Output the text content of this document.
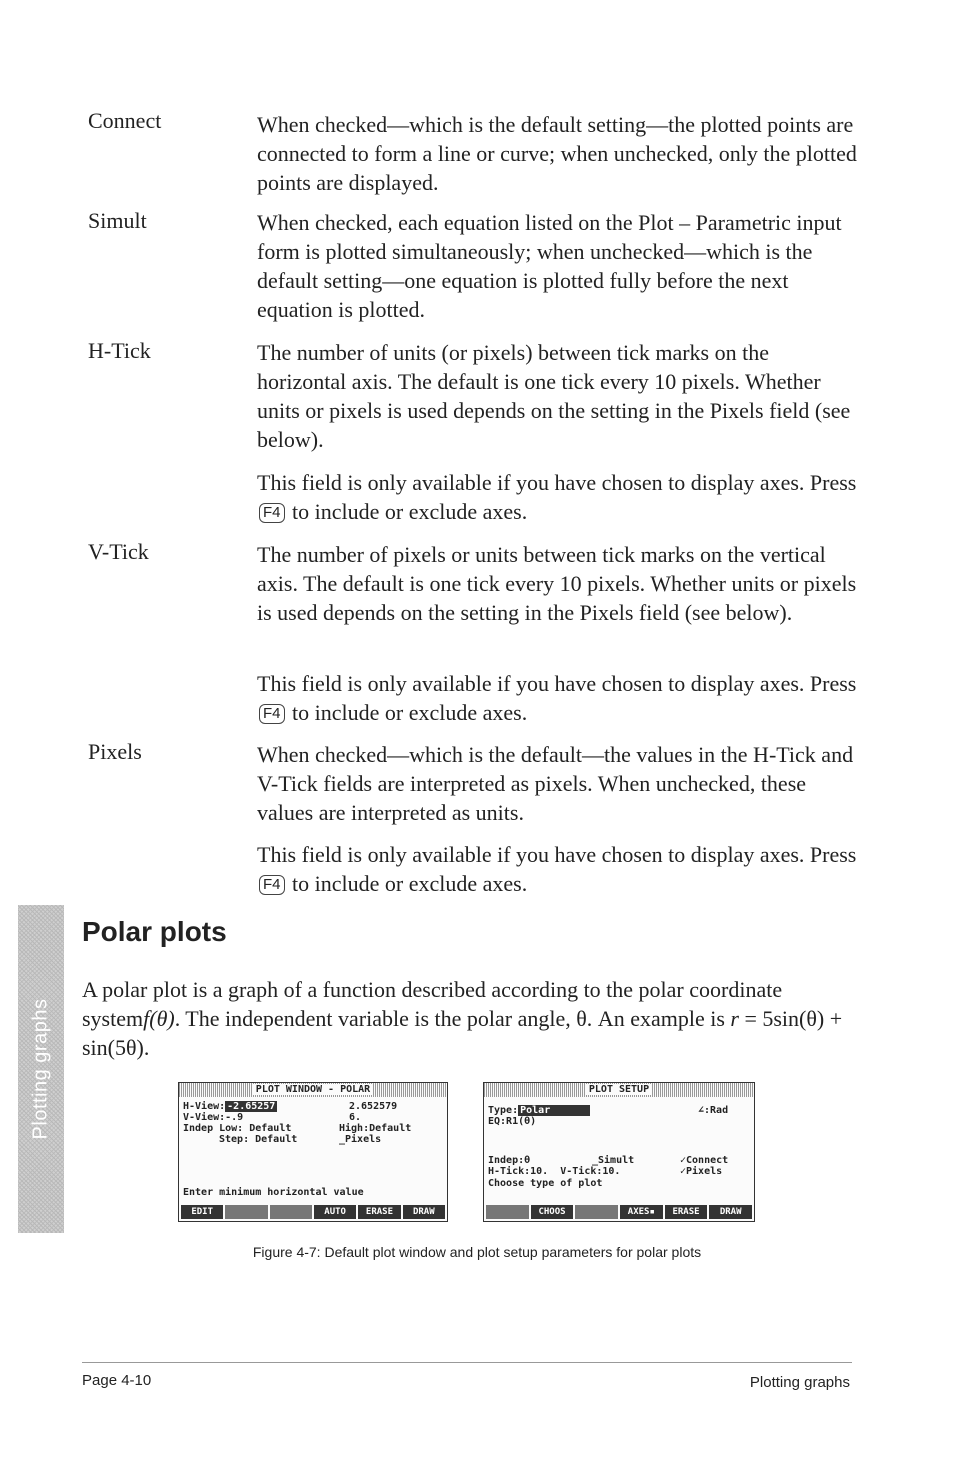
Connect	When checked—which is the default setting—the plotted points are connected to form a line or curve; when unchecked, only the plotted points are displayed.
Simult	When checked, each equation listed on the Plot – Parametric input form is plotted simultaneously; when unchecked—which is the default setting—one equation is plotted fully before the next equation is plotted.
H-Tick	The number of units (or pixels) between tick marks on the horizontal axis. The default is one tick every 10 pixels. Whether units or pixels is used depends on the setting in the Pixels field (see below).
This field is only available if you have chosen to display axes. Press F4 to include or exclude axes.
V-Tick	The number of pixels or units between tick marks on the vertical axis. The default is one tick every 10 pixels. Whether units or pixels is used depends on the setting in the Pixels field (see below).
This field is only available if you have chosen to display axes. Press F4 to include or exclude axes.
Pixels	When checked—which is the default—the values in the H-Tick and V-Tick fields are interpreted as pixels. When unchecked, these values are interpreted as units.
This field is only available if you have chosen to display axes. Press F4 to include or exclude axes.
Plotting graphs
Polar plots
A polar plot is a graph of a function described according to the polar coordinate systemf(θ). The independent variable is the polar angle, θ. An example is r = 5sin(θ) + sin(5θ).
PLOT WINDOW - POLAR
H-View: -2.65257	2.652579
V-View:-.9	6.
Indep Low: Default	High:Default
Step: Default	_Pixels
Enter minimum horizontal value
EDIT	AUTO	ERASE	DRAW
PLOT SETUP
Type: Polar	∠:Rad
EQ:R1(θ)
Indep:θ	_Simult	✓Connect
H-Tick:10.  V-Tick:10.	✓Pixels
Choose type of plot
CHOOS	AXES▪	ERASE	DRAW
Figure 4-7: Default plot window and plot setup parameters for polar plots
Page 4-10	Plotting graphs
